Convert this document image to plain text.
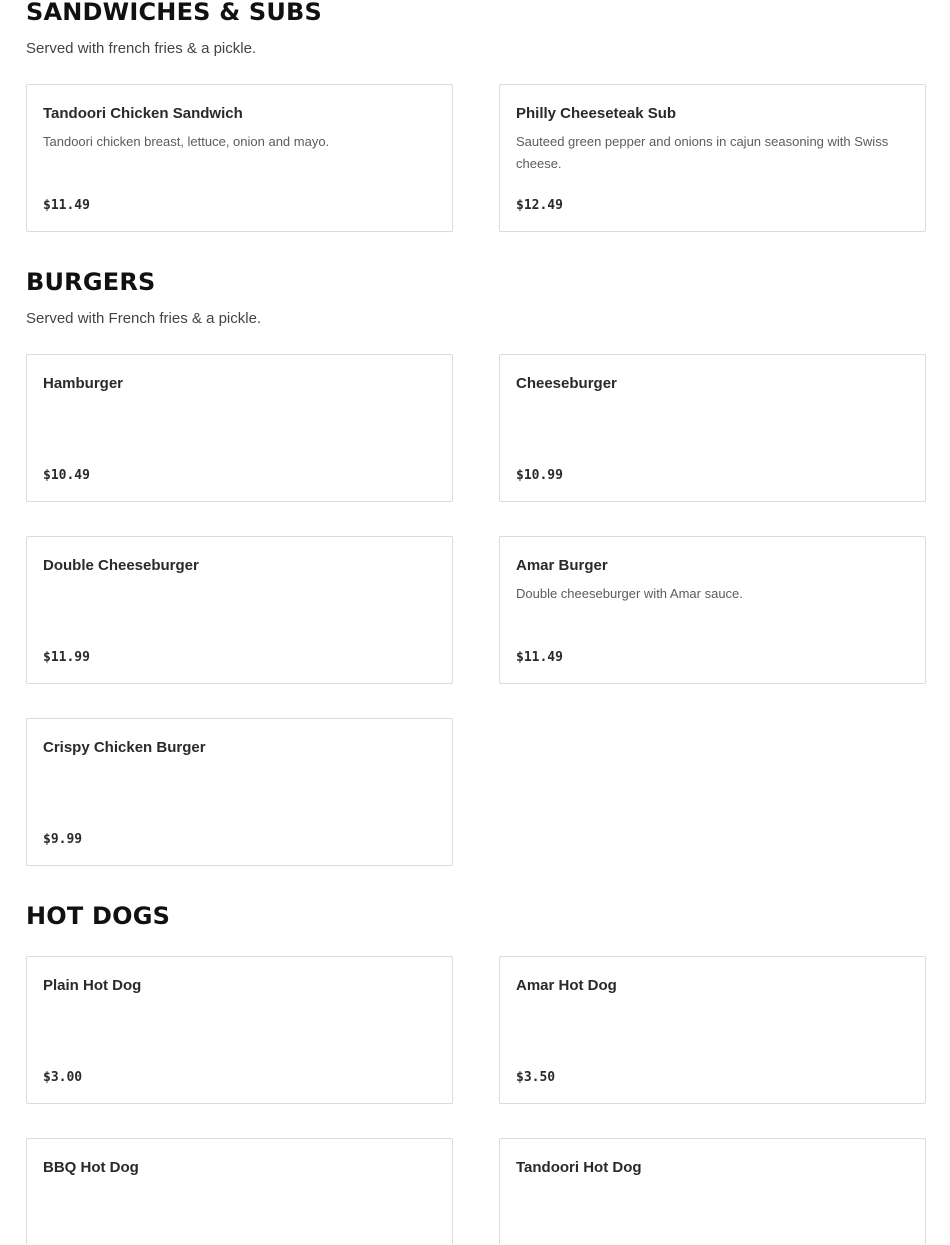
SANDWICHES & SUBS

Served with french fries & a pickle.

Tandoori Chicken Sandwich

Tandoori chicken breast, lettuce, onion and mayo.

$11.49

Philly Cheeseteak Sub

Sauteed green pepper and onions in cajun seasoning with Swiss cheese.

$12.49

BURGERS

Served with French fries & a pickle.

Hamburger

$10.49

Cheeseburger

$10.99

Double Cheeseburger

$11.99

Amar Burger

Double cheeseburger with Amar sauce.

$11.49

Crispy Chicken Burger

$9.99

HOT DOGS

Plain Hot Dog

$3.00

Amar Hot Dog

$3.50

BBQ Hot Dog	Tandoori Hot Dog
